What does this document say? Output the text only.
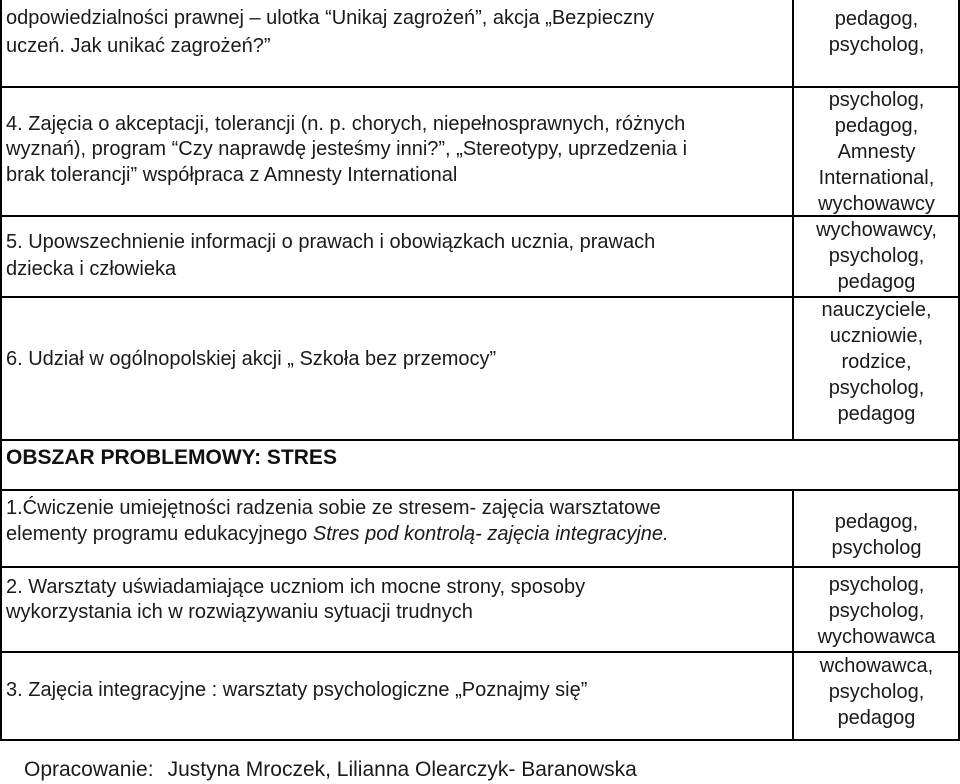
odpowiedzialności prawnej – ulotka “Unikaj zagrożeń”, akcja „Bezpieczny

uczeń. Jak unikać zagrożeń?”

pedagog,
psycholog,

4. Zajęcia o akceptacji, tolerancji (n. p. chorych, niepełnosprawnych, różnych

wyznań), program “Czy naprawdę jesteśmy inni?”, „Stereotypy, uprzedzenia i

brak tolerancji” współpraca z Amnesty International

psycholog,
pedagog,
Amnesty
International,
wychowawcy

5. Upowszechnienie informacji o prawach i obowiązkach ucznia, prawach

dziecka i człowieka

wychowawcy,
psycholog,
pedagog

6. Udział w ogólnopolskiej akcji „ Szkoła bez przemocy”

nauczyciele,
uczniowie,
rodzice,
psycholog,
pedagog

OBSZAR PROBLEMOWY: STRES

1.Ćwiczenie umiejętności radzenia sobie ze stresem- zajęcia warsztatowe

elementy programu edukacyjnego Stres pod kontrolą- zajęcia integracyjne.

pedagog,
psycholog

2. Warsztaty uświadamiające uczniom ich mocne strony, sposoby

wykorzystania ich w rozwiązywaniu sytuacji trudnych

psycholog,
psycholog,
wychowawca

3. Zajęcia integracyjne : warsztaty psychologiczne „Poznajmy się”

wchowawca,
psycholog,
pedagog

Opracowanie: Justyna Mroczek, Lilianna Olearczyk- Baranowska
